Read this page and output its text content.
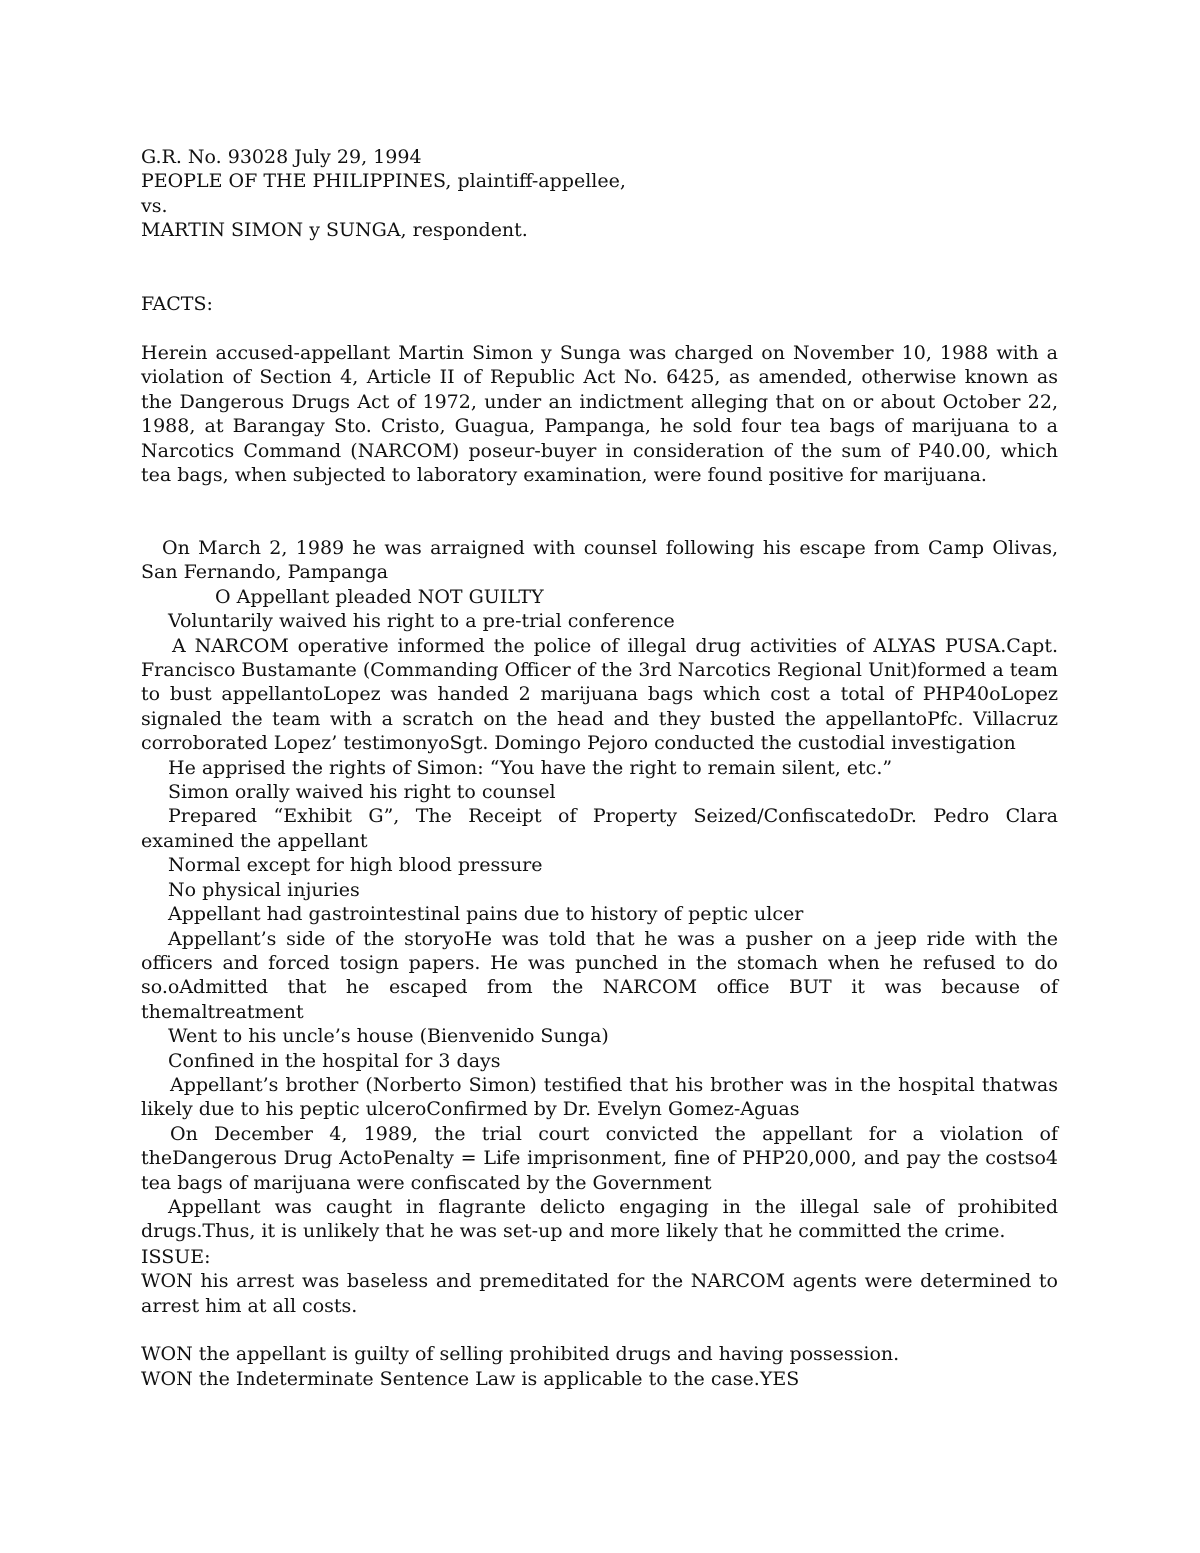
G.R. No. 93028 July 29, 1994
PEOPLE OF THE PHILIPPINES, plaintiff-appellee,
vs.
MARTIN SIMON y SUNGA, respondent.
FACTS:
Herein accused-appellant Martin Simon y Sunga was charged on November 10, 1988 with a violation of Section 4, Article II of Republic Act No. 6425, as amended, otherwise known as the Dangerous Drugs Act of 1972, under an indictment alleging that on or about October 22, 1988, at Barangay Sto. Cristo, Guagua, Pampanga, he sold four tea bags of marijuana to a Narcotics Command (NARCOM) poseur-buyer in consideration of the sum of P40.00, which tea bags, when subjected to laboratory examination, were found positive for marijuana.
On March 2, 1989 he was arraigned with counsel following his escape from Camp Olivas, San Fernando, Pampanga
O Appellant pleaded NOT GUILTY
Voluntarily waived his right to a pre-trial conference
A NARCOM operative informed the police of illegal drug activities of ALYAS PUSA.Capt. Francisco Bustamante (Commanding Officer of the 3rd Narcotics Regional Unit)formed a team to bust appellantoLopez was handed 2 marijuana bags which cost a total of PHP40oLopez signaled the team with a scratch on the head and they busted the appellantoPfc. Villacruz corroborated Lopez’ testimonyoSgt. Domingo Pejoro conducted the custodial investigation
He apprised the rights of Simon: “You have the right to remain silent, etc.”
Simon orally waived his right to counsel
Prepared “Exhibit G”, The Receipt of Property Seized/ConfiscatedoDr. Pedro Clara examined the appellant
Normal except for high blood pressure
No physical injuries
Appellant had gastrointestinal pains due to history of peptic ulcer
Appellant’s side of the storyoHe was told that he was a pusher on a jeep ride with the officers and forced tosign papers. He was punched in the stomach when he refused to do so.oAdmitted that he escaped from the NARCOM office BUT it was because of themaltreatment
Went to his uncle’s house (Bienvenido Sunga)
Confined in the hospital for 3 days
Appellant’s brother (Norberto Simon) testified that his brother was in the hospital thatwas likely due to his peptic ulceroConfirmed by Dr. Evelyn Gomez-Aguas
On December 4, 1989, the trial court convicted the appellant for a violation of theDangerous Drug ActoPenalty = Life imprisonment, fine of PHP20,000, and pay the costso4 tea bags of marijuana were confiscated by the Government
Appellant was caught in flagrante delicto engaging in the illegal sale of prohibited drugs.Thus, it is unlikely that he was set-up and more likely that he committed the crime.
ISSUE:
WON his arrest was baseless and premeditated for the NARCOM agents were determined to arrest him at all costs.
WON the appellant is guilty of selling prohibited drugs and having possession.
WON the Indeterminate Sentence Law is applicable to the case.YES
